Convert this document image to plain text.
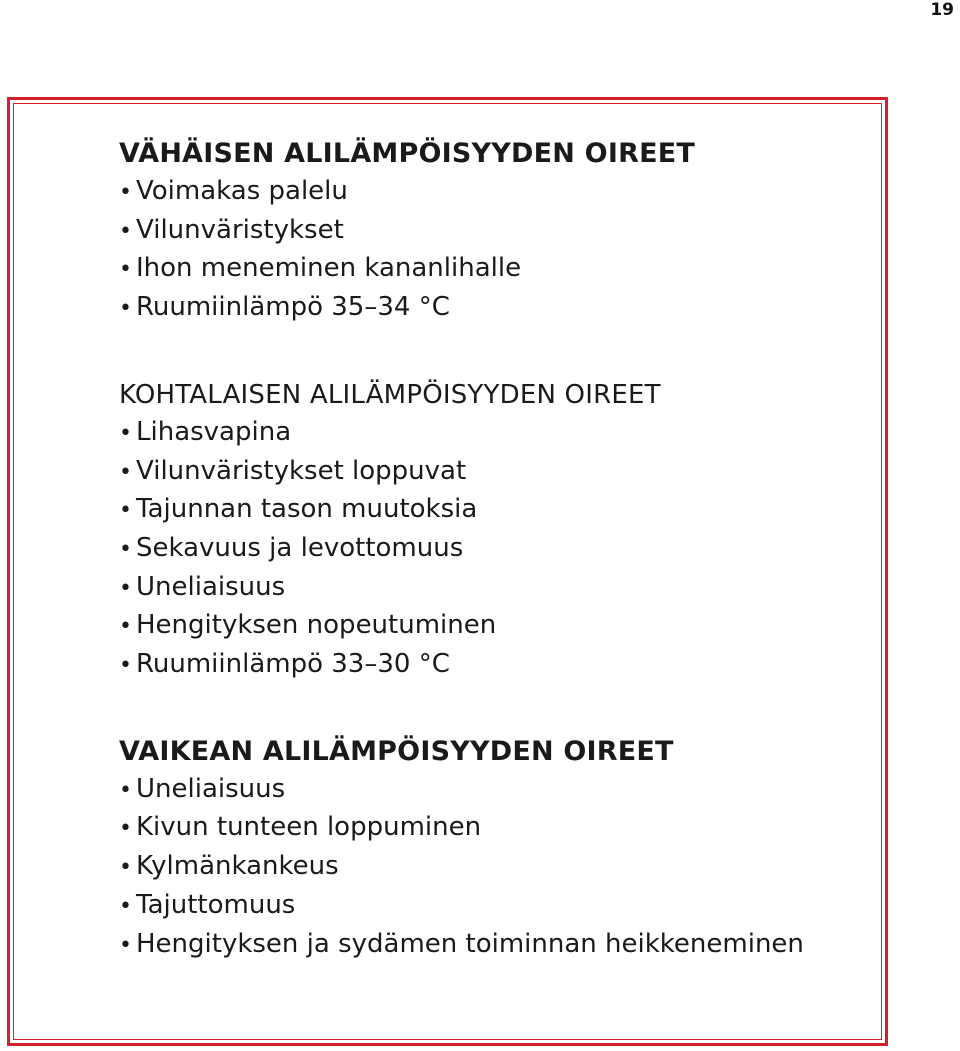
19
VÄHÄISEN ALILÄMPÖISYYDEN OIREET
• Voimakas palelu
• Vilunväristykset
• Ihon meneminen kananlihalle
• Ruumiinlämpö 35–34 °C
KOHTALAISEN ALILÄMPÖISYYDEN OIREET
• Lihasvapina
• Vilunväristykset loppuvat
• Tajunnan tason muutoksia
• Sekavuus ja levottomuus
• Uneliaisuus
• Hengityksen nopeutuminen
• Ruumiinlämpö 33–30 °C
VAIKEAN ALILÄMPÖISYYDEN OIREET
• Uneliaisuus
• Kivun tunteen loppuminen
• Kylmänkankeus
• Tajuttomuus
• Hengityksen ja sydämen toiminnan heikkeneminen
